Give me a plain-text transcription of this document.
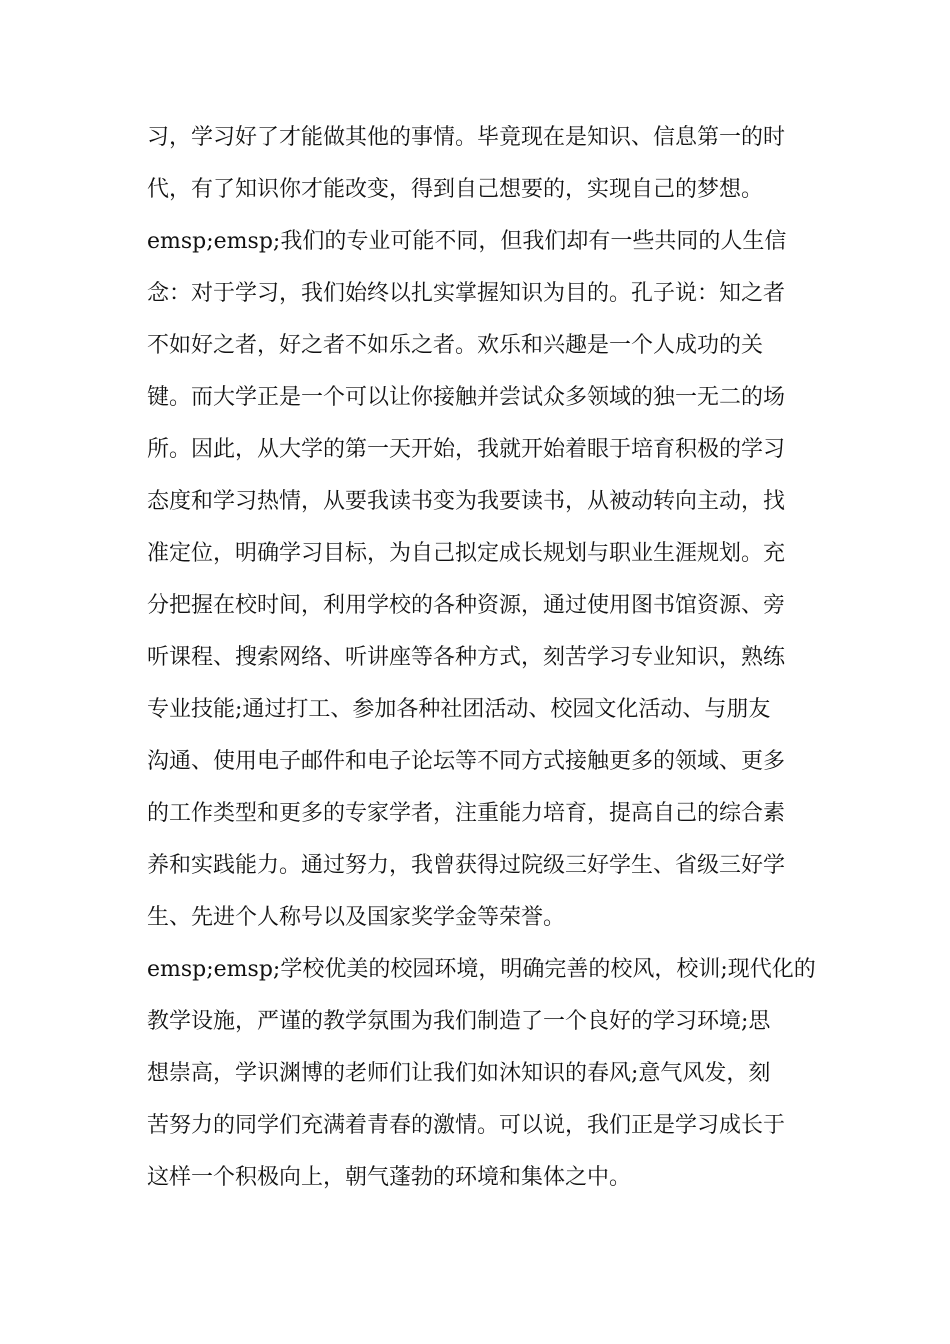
习，学习好了才能做其他的事情。毕竟现在是知识、信息第一的时
代，有了知识你才能改变，得到自己想要的，实现自己的梦想。
emsp;emsp;我们的专业可能不同，但我们却有一些共同的人生信
念：对于学习，我们始终以扎实掌握知识为目的。孔子说：知之者
不如好之者，好之者不如乐之者。欢乐和兴趣是一个人成功的关
键。而大学正是一个可以让你接触并尝试众多领域的独一无二的场
所。因此，从大学的第一天开始，我就开始着眼于培育积极的学习
态度和学习热情，从要我读书变为我要读书，从被动转向主动，找
准定位，明确学习目标，为自己拟定成长规划与职业生涯规划。充
分把握在校时间，利用学校的各种资源，通过使用图书馆资源、旁
听课程、搜索网络、听讲座等各种方式，刻苦学习专业知识，熟练
专业技能;通过打工、参加各种社团活动、校园文化活动、与朋友
沟通、使用电子邮件和电子论坛等不同方式接触更多的领域、更多
的工作类型和更多的专家学者，注重能力培育，提高自己的综合素
养和实践能力。通过努力，我曾获得过院级三好学生、省级三好学
生、先进个人称号以及国家奖学金等荣誉。
emsp;emsp;学校优美的校园环境，明确完善的校风，校训;现代化的
教学设施，严谨的教学氛围为我们制造了一个良好的学习环境;思
想崇高，学识渊博的老师们让我们如沐知识的春风;意气风发，刻
苦努力的同学们充满着青春的激情。可以说，我们正是学习成长于
这样一个积极向上，朝气蓬勃的环境和集体之中。
